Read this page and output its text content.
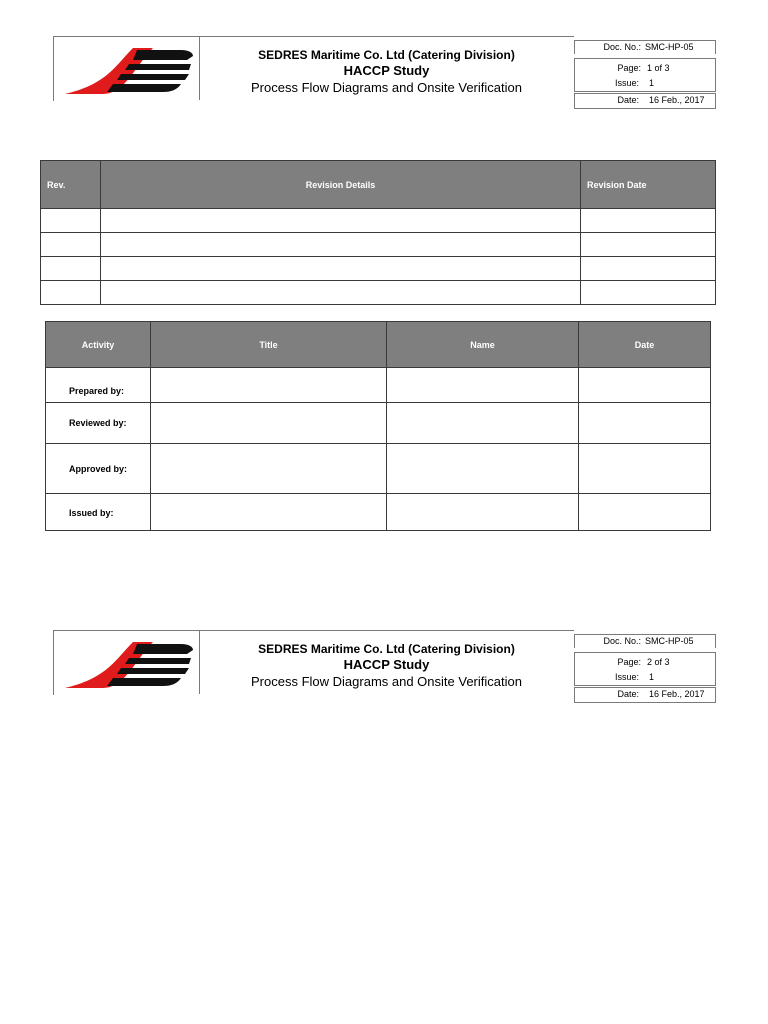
SEDRES Maritime Co. Ltd (Catering Division)
HACCP Study
Process Flow Diagrams and Onsite Verification
Doc. No.: SMC-HP-05
Page: 1 of 3
Issue:	1
Date: 16 Feb., 2017
Rev.	Revision Details	Revision Date

Activity	Title	Name	Date
Prepared by:			
Reviewed by:			
Approved by:			
Issued by:			
SEDRES Maritime Co. Ltd (Catering Division)
HACCP Study
Process Flow Diagrams and Onsite Verification
Doc. No.: SMC-HP-05
Page: 2 of 3
Issue:	1
Date: 16 Feb., 2017
